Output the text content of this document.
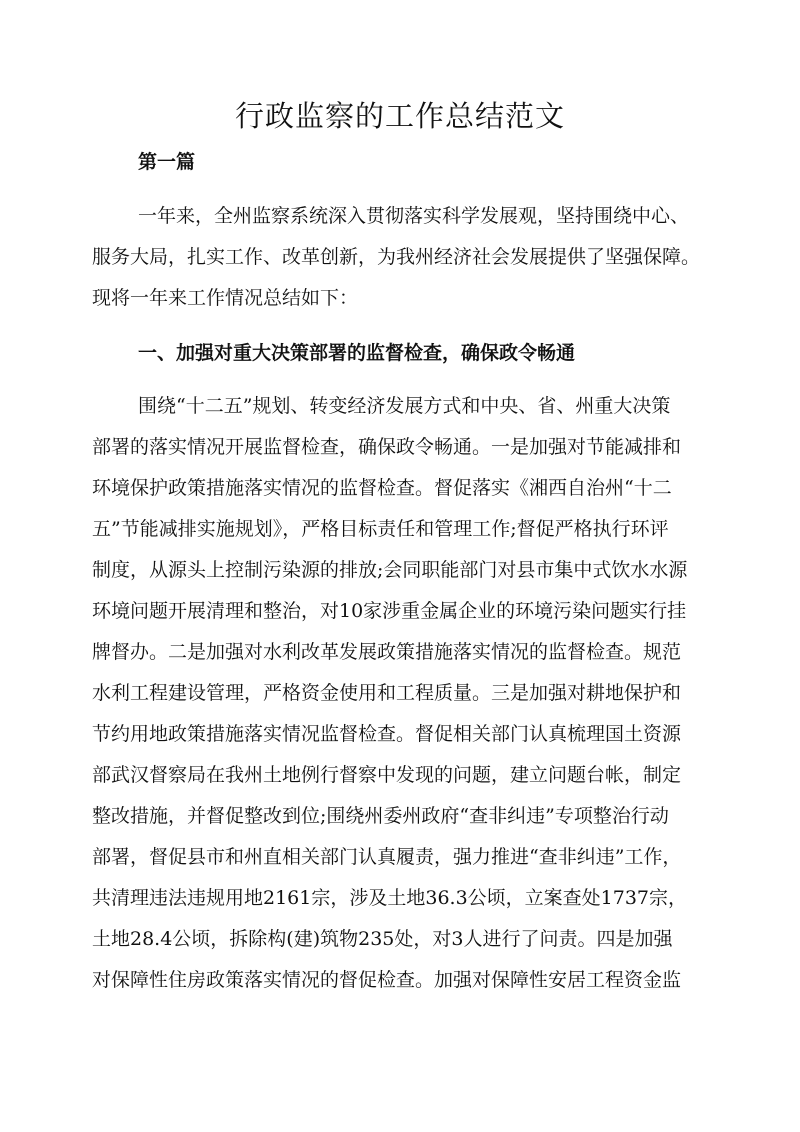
行政监察的工作总结范文

第一篇

一年来，全州监察系统深入贯彻落实科学发展观，坚持围绕中心、

服务大局，扎实工作、改革创新，为我州经济社会发展提供了坚强保障。

现将一年来工作情况总结如下：

一、加强对重大决策部署的监督检查，确保政令畅通

围绕“十二五”规划、转变经济发展方式和中央、省、州重大决策

部署的落实情况开展监督检查，确保政令畅通。一是加强对节能减排和

环境保护政策措施落实情况的监督检查。督促落实《湘西自治州“十二

五”节能减排实施规划》，严格目标责任和管理工作;督促严格执行环评

制度，从源头上控制污染源的排放;会同职能部门对县市集中式饮水水源

环境问题开展清理和整治，对10家涉重金属企业的环境污染问题实行挂

牌督办。二是加强对水利改革发展政策措施落实情况的监督检查。规范

水利工程建设管理，严格资金使用和工程质量。三是加强对耕地保护和

节约用地政策措施落实情况监督检查。督促相关部门认真梳理国土资源

部武汉督察局在我州土地例行督察中发现的问题，建立问题台帐，制定

整改措施，并督促整改到位;围绕州委州政府“查非纠违”专项整治行动

部署，督促县市和州直相关部门认真履责，强力推进“查非纠违”工作，

共清理违法违规用地2161宗，涉及土地36.3公顷，立案查处1737宗，

土地28.4公顷，拆除构(建)筑物235处，对3人进行了问责。四是加强

对保障性住房政策落实情况的督促检查。加强对保障性安居工程资金监
